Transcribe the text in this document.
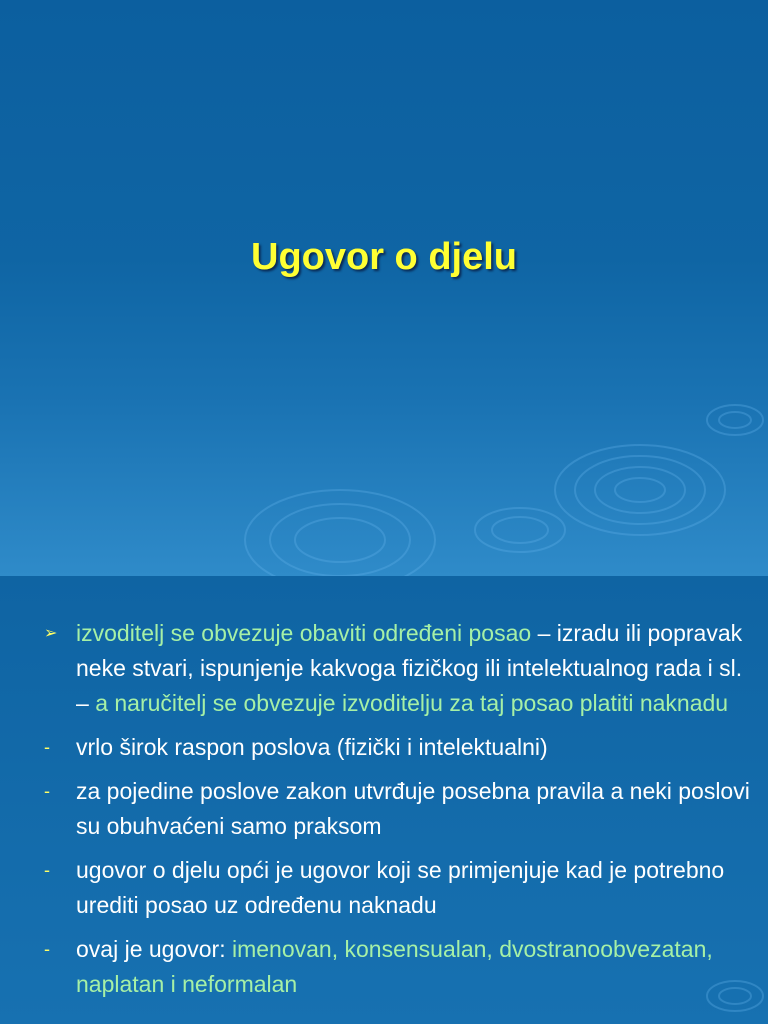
Ugovor o djelu
➢ izvoditelj se obvezuje obaviti određeni posao – izradu ili popravak neke stvari, ispunjenje kakvoga fizičkog ili intelektualnog rada i sl. – a naručitelj se obvezuje izvoditelju za taj posao platiti naknadu
-	vrlo širok raspon poslova (fizički i intelektualni)
-	za pojedine poslove zakon utvrđuje posebna pravila a neki poslovi su obuhvaćeni samo praksom
-	ugovor o djelu opći je ugovor koji se primjenjuje kad je potrebno urediti posao uz određenu naknadu
-	ovaj je ugovor: imenovan, konsensualan, dvostranoobvezatan, naplatan i neformalan
